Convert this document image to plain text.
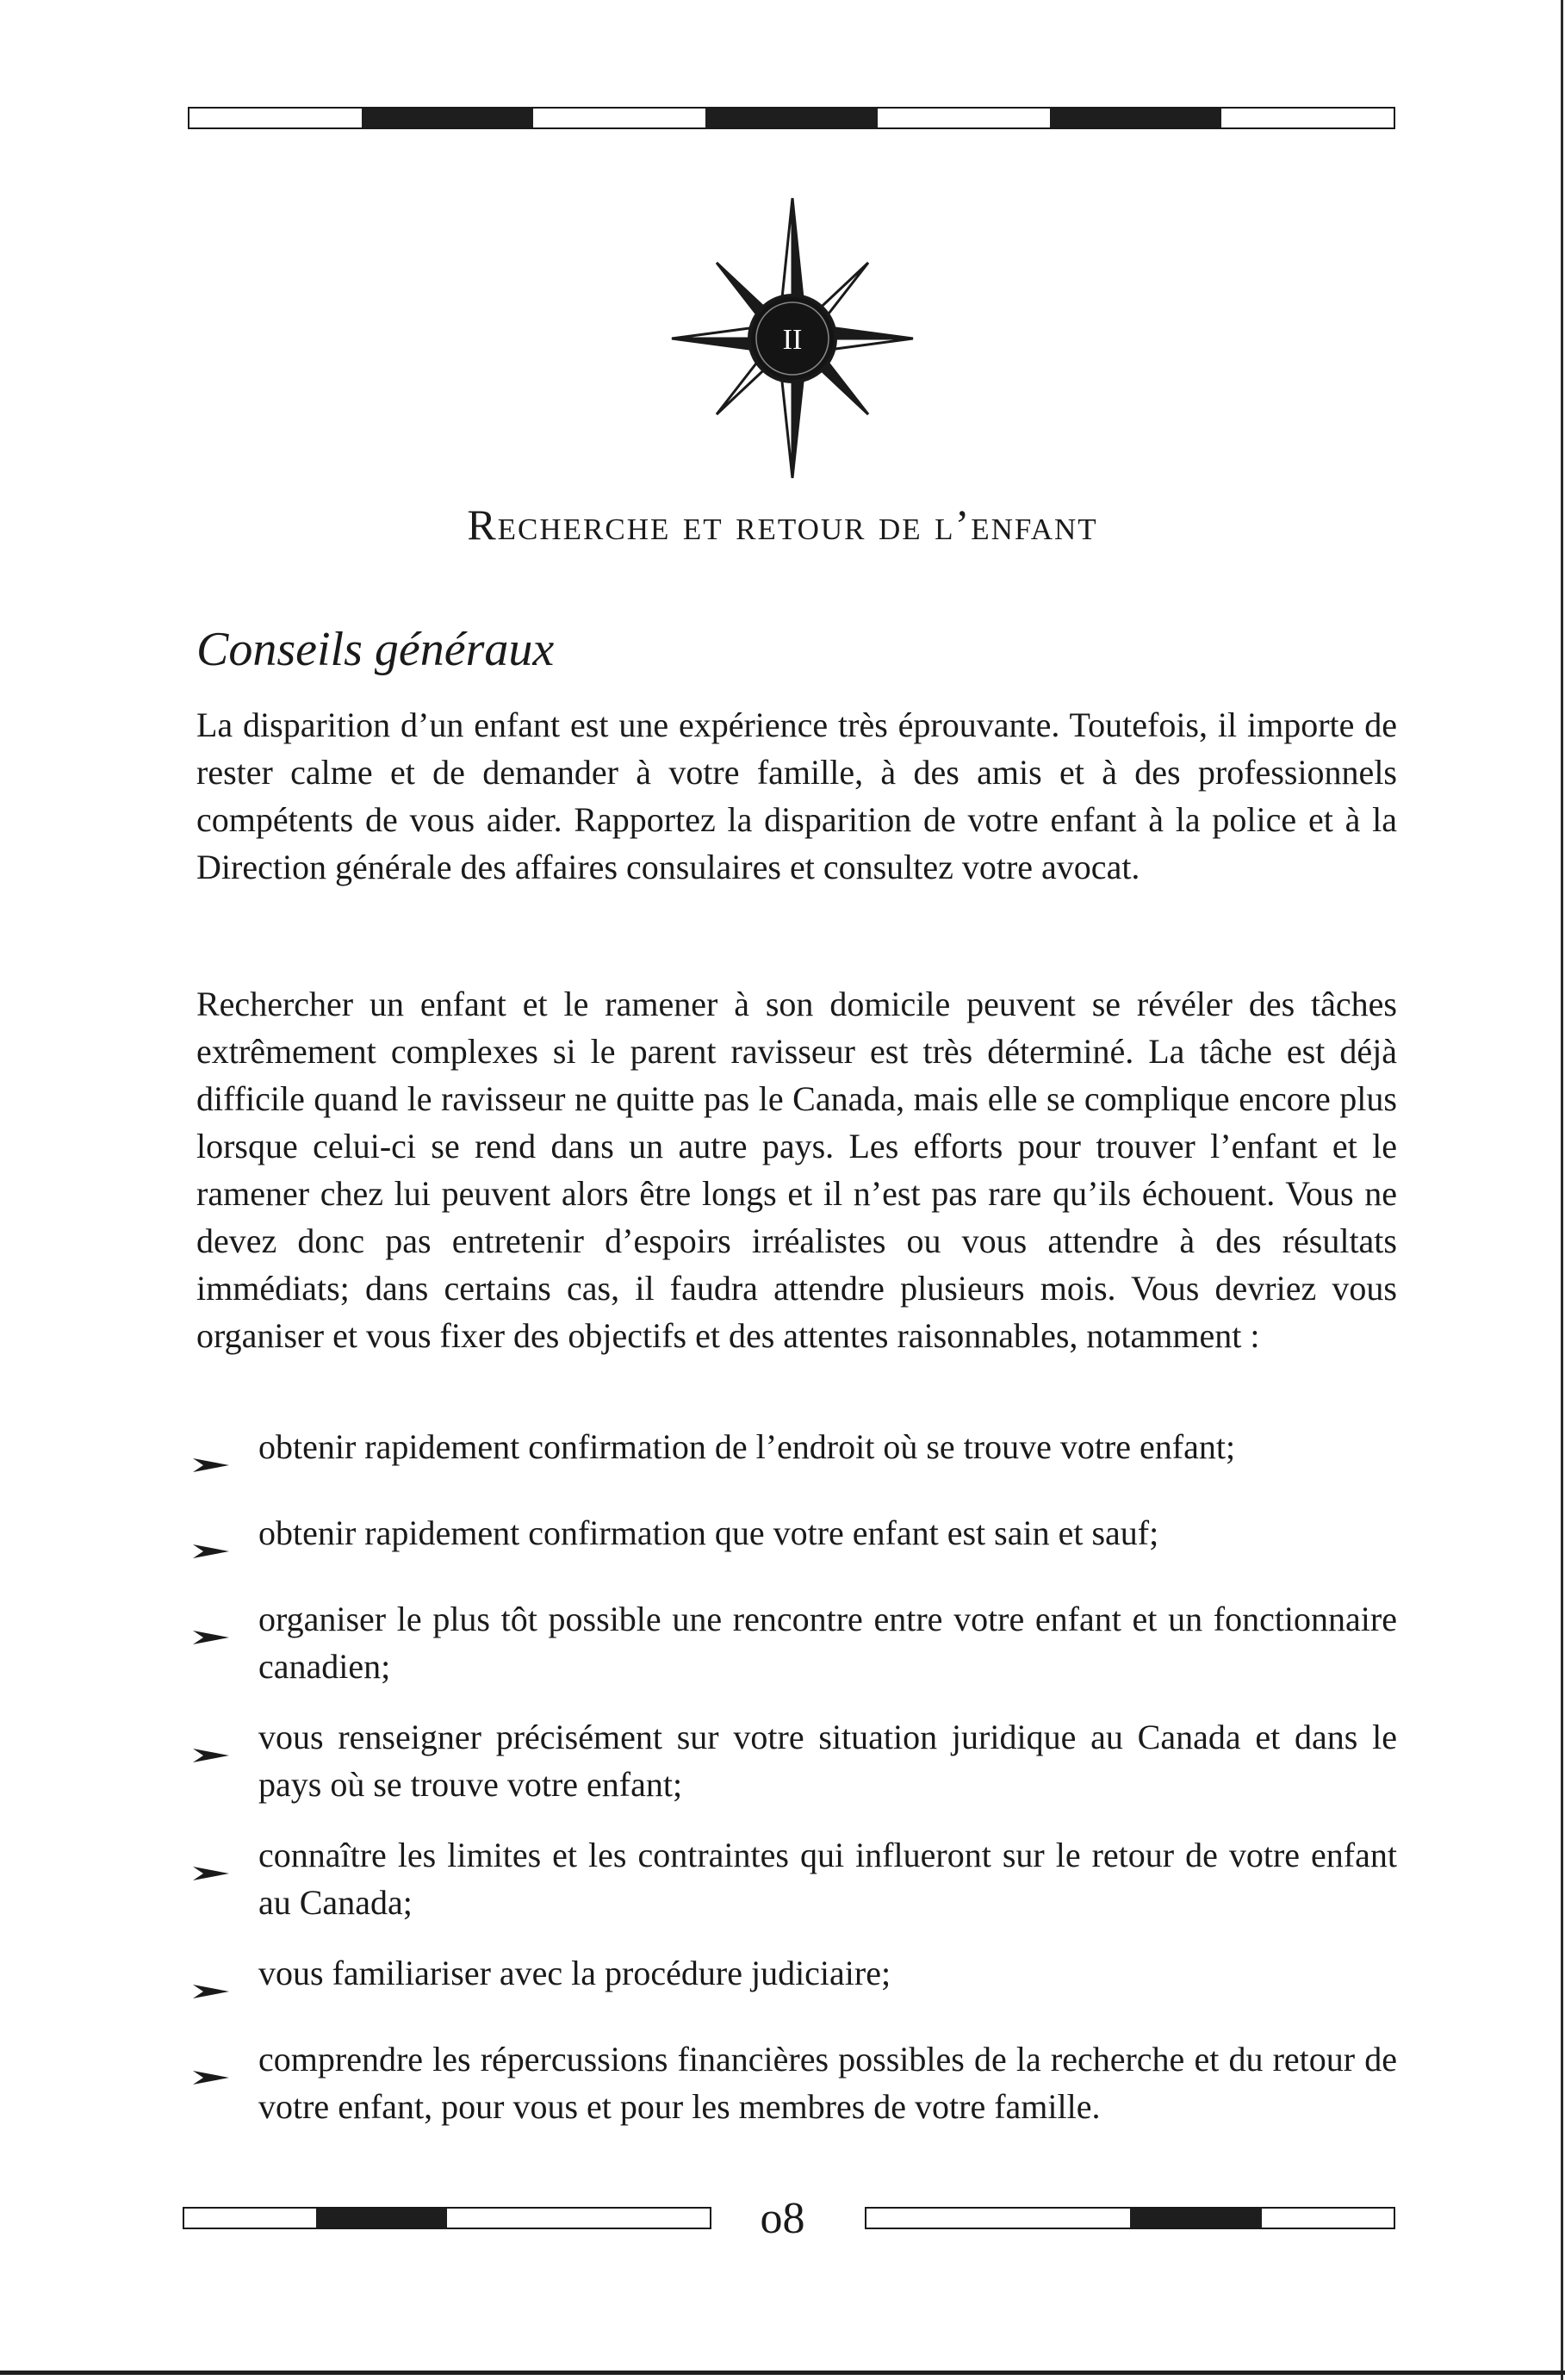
II
Recherche et retour de l’enfant
Conseils généraux

La disparition d’un enfant est une expérience très éprouvante. Toutefois, il importe de rester calme et de demander à votre famille, à des amis et à des professionnels compétents de vous aider. Rapportez la disparition de votre enfant à la police et à la Direction générale des affaires consulaires et consultez votre avocat.

Rechercher un enfant et le ramener à son domicile peuvent se révéler des tâches extrêmement complexes si le parent ravisseur est très déterminé. La tâche est déjà difficile quand le ravisseur ne quitte pas le Canada, mais elle se complique encore plus lorsque celui-ci se rend dans un autre pays. Les efforts pour trouver l’enfant et le ramener chez lui peuvent alors être longs et il n’est pas rare qu’ils échouent. Vous ne devez donc pas entretenir d’espoirs irréalistes ou vous attendre à des résultats immédiats; dans certains cas, il faudra attendre plusieurs mois. Vous devriez vous organiser et vous fixer des objectifs et des attentes raisonnables, notamment :

obtenir rapidement confirmation de l’endroit où se trouve votre enfant;
obtenir rapidement confirmation que votre enfant est sain et sauf;
organiser le plus tôt possible une rencontre entre votre enfant et un fonctionnaire canadien;
vous renseigner précisément sur votre situation juridique au Canada et dans le pays où se trouve votre enfant;
connaître les limites et les contraintes qui influeront sur le retour de votre enfant au Canada;
vous familiariser avec la procédure judiciaire;
comprendre les répercussions financières possibles de la recherche et du retour de votre enfant, pour vous et pour les membres de votre famille.
o8
